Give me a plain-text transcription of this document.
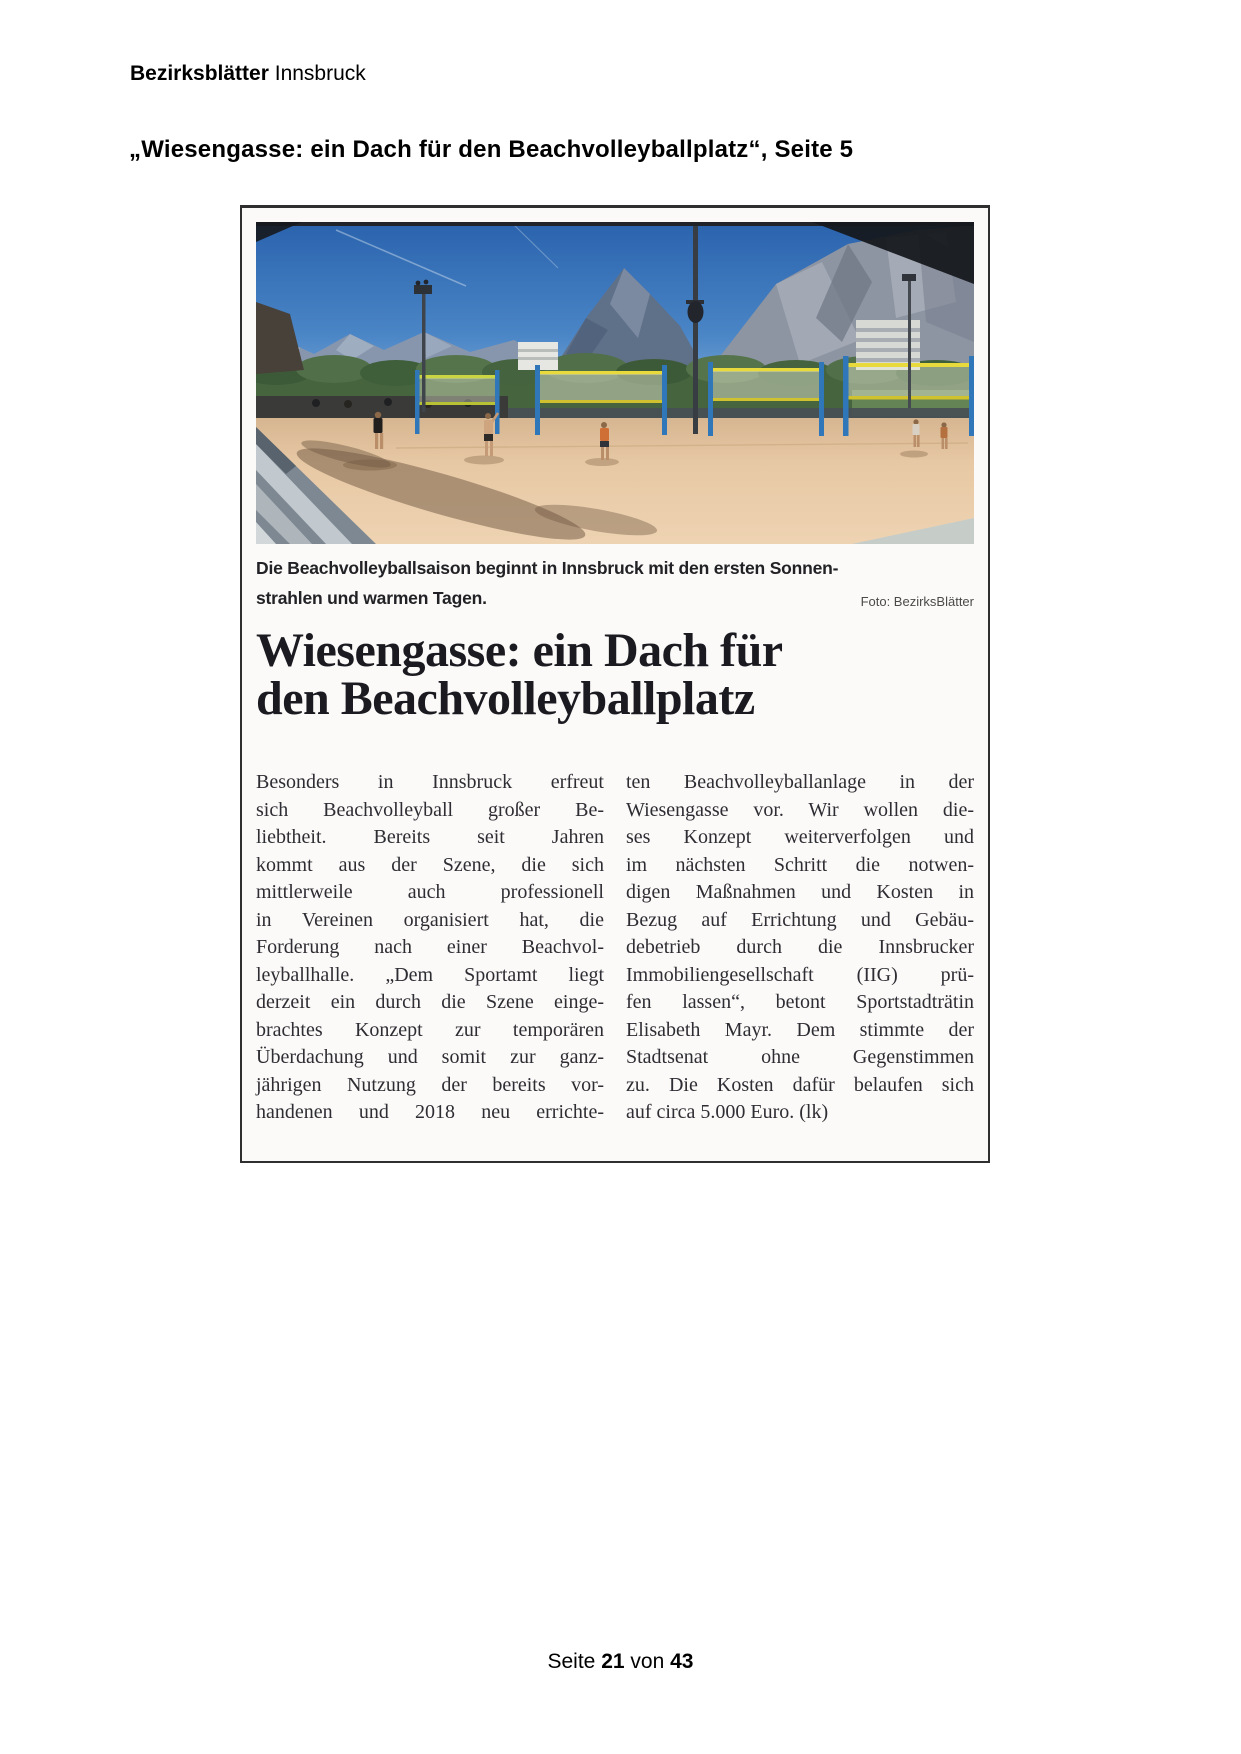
Bezirksblätter Innsbruck
„Wiesengasse: ein Dach für den Beachvolleyballplatz“, Seite 5
Die Beachvolleyballsaison beginnt in Innsbruck mit den ersten Sonnen-
strahlen und warmen Tagen.	Foto: BezirksBlätter
Wiesengasse: ein Dach für
den Beachvolleyballplatz
Besonders in Innsbruck erfreut
sich Beachvolleyball großer Be-
liebtheit. Bereits seit Jahren
kommt aus der Szene, die sich
mittlerweile auch professionell
in Vereinen organisiert hat, die
Forderung nach einer Beachvol-
leyballhalle. „Dem Sportamt liegt
derzeit ein durch die Szene einge-
brachtes Konzept zur temporären
Überdachung und somit zur ganz-
jährigen Nutzung der bereits vor-
handenen und 2018 neu errichte-
ten Beachvolleyballanlage in der
Wiesengasse vor. Wir wollen die-
ses Konzept weiterverfolgen und
im nächsten Schritt die notwen-
digen Maßnahmen und Kosten in
Bezug auf Errichtung und Gebäu-
debetrieb durch die Innsbrucker
Immobiliengesellschaft (IIG) prü-
fen lassen“, betont Sportstadträtin
Elisabeth Mayr. Dem stimmte der
Stadtsenat ohne Gegenstimmen
zu. Die Kosten dafür belaufen sich
auf circa 5.000 Euro. (lk)
Seite 21 von 43
